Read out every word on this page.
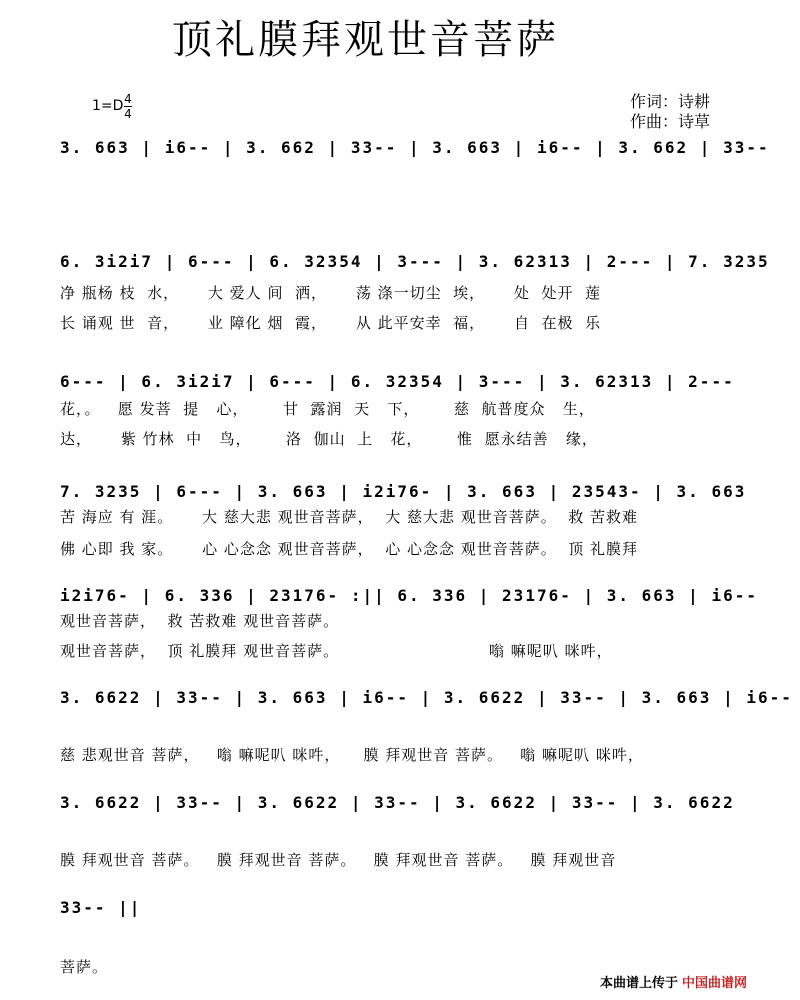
顶礼膜拜观世音菩萨
1=D 4
4
作词：诗耕
作曲：诗草
3. 663 | i6-- | 3. 662 | 33-- | 3. 663 | i6-- | 3. 662 | 33--
6. 3i2i7 | 6--- | 6. 32354 | 3--- | 3. 62313 | 2--- | 7. 3235
净 瓶杨 枝  水，     大 爱人 间  洒，     荡 涤一切尘  埃，     处  处开  莲
长 诵观 世  音，     业 障化 烟  霞，     从 此平安幸  福，     自  在极  乐
6--- | 6. 3i2i7 | 6--- | 6. 32354 | 3--- | 3. 62313 | 2---
花，。   愿 发菩  提   心，      甘  露润  天   下，      慈  航普度众   生，
达，     紫 竹林  中   鸟，      洛  伽山  上   花，      惟  愿永结善   缘，
7. 3235 | 6--- | 3. 663 | i2i76- | 3. 663 | 23543- | 3. 663
苦 海应 有 涯。     大 慈大悲 观世音菩萨，  大 慈大悲 观世音菩萨。  救 苦救难
佛 心即 我 家。     心 心念念 观世音菩萨，  心 心念念 观世音菩萨。  顶 礼膜拜
i2i76- | 6. 336 | 23176- :|| 6. 336 | 23176- | 3. 663 | i6--
观世音菩萨，  救 苦救难 观世音菩萨。
观世音菩萨，  顶 礼膜拜 观世音菩萨。                          嗡 嘛呢叭 咪吽，
3. 6622 | 33-- | 3. 663 | i6-- | 3. 6622 | 33-- | 3. 663 | i6--
慈 悲观世音 菩萨，   嗡 嘛呢叭 咪吽，    膜 拜观世音 菩萨。   嗡 嘛呢叭 咪吽，
3. 6622 | 33-- | 3. 6622 | 33-- | 3. 6622 | 33-- | 3. 6622
膜 拜观世音 菩萨。   膜 拜观世音 菩萨。   膜 拜观世音 菩萨。   膜 拜观世音
33-- ||
菩萨。
本曲谱上传于 中国曲谱网
